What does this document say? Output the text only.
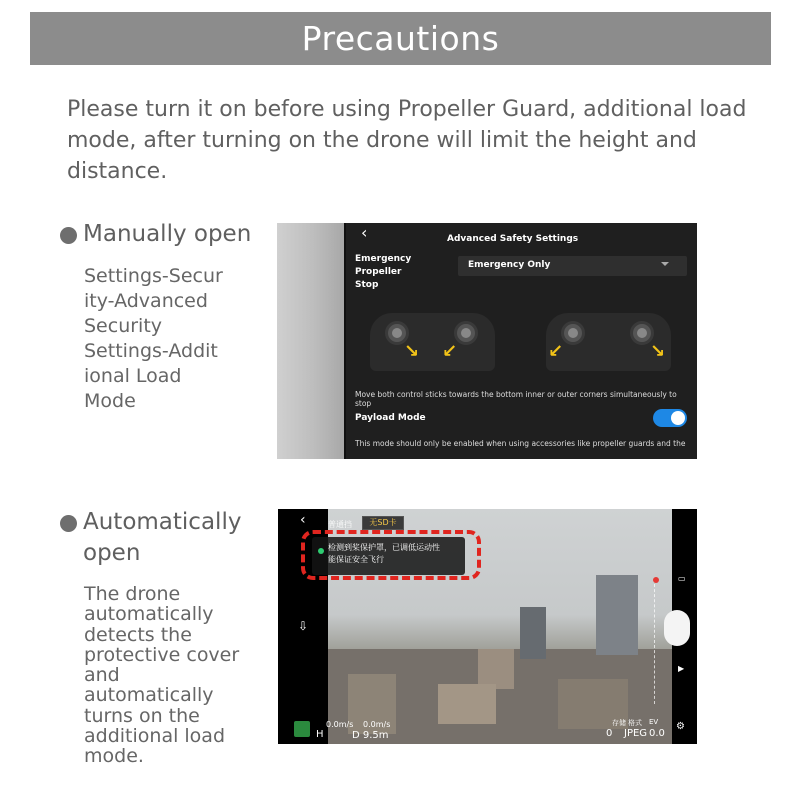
Precautions

Please turn it on before using Propeller Guard, additional load mode, after turning on the drone will limit the height and distance.

Manually open
Settings-Secur
ity-Advanced
Security
Settings-Addit
ional Load
Mode
‹	Advanced Safety Settings
Emergency Propeller
Stop
Emergency Only
↘ ↙	↙	↘
Move both control sticks towards the bottom inner or outer corners simultaneously to stop
Payload Mode
This mode should only be enabled when using accessories like propeller guards and the
Automatically
open
The drone
automatically
detects the
protective cover
and
automatically
turns on the
additional load
mode.
‹	普通挡	无SD卡
检测到桨保护罩，已调低运动性
能保证安全飞行
⇩
▭
▶
⚙
H
0.0m/s 0.0m/s
D 9.5m
存储 格式 EV
0 JPEG 0.0
